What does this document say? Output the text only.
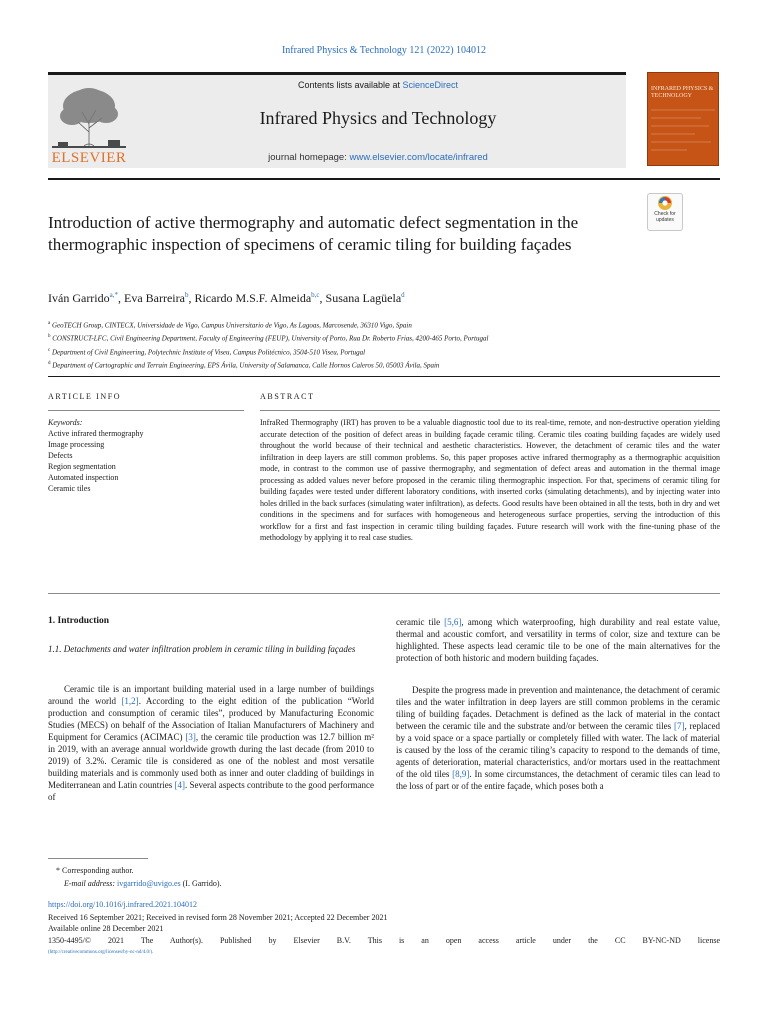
Infrared Physics & Technology 121 (2022) 104012
ELSEVIER
Contents lists available at ScienceDirect
Infrared Physics and Technology
journal homepage: www.elsevier.com/locate/infrared
INFRARED PHYSICS & TECHNOLOGY
Check for updates
Introduction of active thermography and automatic defect segmentation in the thermographic inspection of specimens of ceramic tiling for building façades
Iván Garrido$^{a,*}$, Eva Barreira$^b$, Ricardo M.S.F. Almeida$^{b,c}$, Susana Lagüela$^d$
$^a$ GeoTECH Group, CINTECX, Universidade de Vigo, Campus Universitario de Vigo, As Lagoas, Marcosende, 36310 Vigo, Spain
$^b$ CONSTRUCT-LFC, Civil Engineering Department, Faculty of Engineering (FEUP), University of Porto, Rua Dr. Roberto Frias, 4200-465 Porto, Portugal
$^c$ Department of Civil Engineering, Polytechnic Institute of Viseu, Campus Politécnico, 3504-510 Viseu, Portugal
$^d$ Department of Cartographic and Terrain Engineering, EPS Ávila, University of Salamanca, Calle Hornos Caleros 50, 05003 Ávila, Spain
ARTICLE INFO
Keywords:
Active infrared thermography
Image processing
Defects
Region segmentation
Automated inspection
Ceramic tiles
ABSTRACT

InfraRed Thermography (IRT) has proven to be a valuable diagnostic tool due to its real-time, remote, and non-destructive operation yielding accurate detection of the position of defect areas in building façade ceramic tiling. Ceramic tiles coating building façades are widely used throughout the world because of their technical and aesthetic characteristics. However, the detachment of ceramic tiles and the water infiltration in deep layers are still common problems. So, this paper proposes active infrared thermography as a thermographic acquisition mode, in contrast to the common use of passive thermography, and segmentation of defect areas and automation in the thermal image processing as added values never before proposed in the ceramic tiling thermographic inspection. For that, specimens of ceramic tiling for building façades were tested under different laboratory conditions, with inserted corks (simulating detachments), and by injecting water into holes drilled in the back surfaces (simulating water infiltration), as defects. Good results have been obtained in all the tests, both in dry and wet conditions in the specimens and for surfaces with homogeneous and heterogeneous surface properties, serving the introduction of this workflow for a first and fast inspection in ceramic tiling building façades. Future research will work with the fine-tuning phase of the methodology by applying it to real case studies.

1. Introduction
1.1. Detachments and water infiltration problem in ceramic tiling in building façades

Ceramic tile is an important building material used in a large number of buildings around the world [1,2]. According to the eight edition of the publication “World production and consumption of ceramic tiles”, produced by Manufacturing Economic Studies (MECS) on behalf of the Association of Italian Manufacturers of Machinery and Equipment for Ceramics (ACIMAC) [3], the ceramic tile production was 12.7 billion m² in 2019, with an average annual worldwide growth during the last decade (from 2010 to 2019) of 3.2%. Ceramic tile is considered as one of the noblest and most versatile building materials and is commonly used both as inner and outer cladding of buildings in Mediterranean and Latin countries [4]. Several aspects contribute to the good performance of

ceramic tile [5,6], among which waterproofing, high durability and real estate value, thermal and acoustic comfort, and versatility in terms of color, size and texture can be highlighted. These aspects lead ceramic tile to be one of the main alternatives for the protection of both historic and modern building façades.

Despite the progress made in prevention and maintenance, the detachment of ceramic tiles and the water infiltration in deep layers are still common problems in the ceramic tiling of building façades. Detachment is defined as the lack of material in the contact between the ceramic tile and the substrate and/or between the ceramic tiles [7], replaced by a void space or a space partially or completely filled with water. The lack of material is caused by the loss of the ceramic tiling’s capacity to respond to the demands of time, agents of deterioration, material characteristics, and/or mortars used in the reattachment of the old tiles [8,9]. In some circumstances, the detachment of ceramic tiles can lead to the loss of part or of the entire façade, which poses both a

* Corresponding author.
E-mail address: ivgarrido@uvigo.es (I. Garrido).
https://doi.org/10.1016/j.infrared.2021.104012
Received 16 September 2021; Received in revised form 28 November 2021; Accepted 22 December 2021
Available online 28 December 2021
1350-4495/© 2021 The Author(s). Published by Elsevier B.V. This is an open access article under the CC BY-NC-ND license
(http://creativecommons.org/licenses/by-nc-nd/4.0/).
